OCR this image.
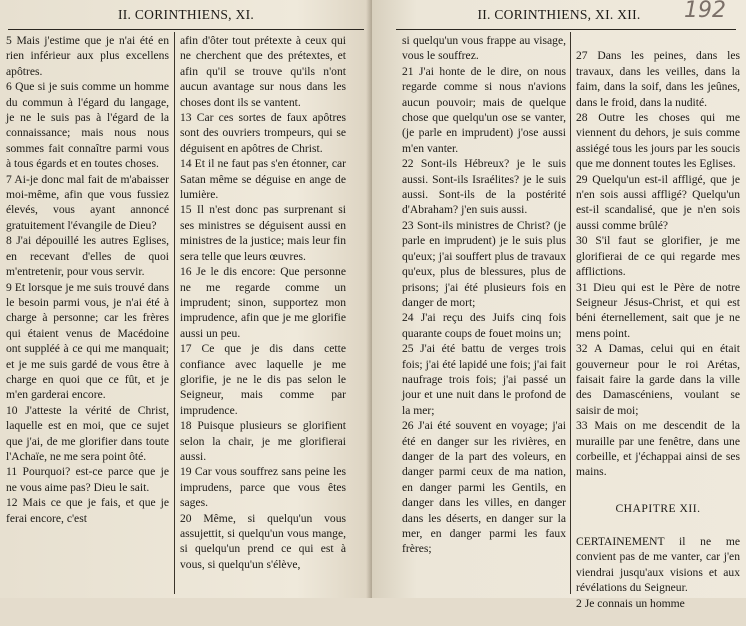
II. CORINTHIENS, XI.
5 Mais j'estime que je n'ai été en rien inférieur aux plus excellens apôtres.
6 Que si je suis comme un homme du commun à l'égard du langage, je ne le suis pas à l'égard de la connaissance; mais nous nous sommes fait connaître parmi vous à tous égards et en toutes choses.
7 Ai-je donc mal fait de m'abaisser moi-même, afin que vous fussiez élevés, vous ayant annoncé gratuitement l'évangile de Dieu?
8 J'ai dépouillé les autres Eglises, en recevant d'elles de quoi m'entretenir, pour vous servir.
9 Et lorsque je me suis trouvé dans le besoin parmi vous, je n'ai été à charge à personne; car les frères qui étaient venus de Macédoine ont suppléé à ce qui me manquait; et je me suis gardé de vous être à charge en quoi que ce fût, et je m'en garderai encore.
10 J'atteste la vérité de Christ, laquelle est en moi, que ce sujet que j'ai, de me glorifier dans toute l'Achaïe, ne me sera point ôté.
11 Pourquoi? est-ce parce que je ne vous aime pas? Dieu le sait.
12 Mais ce que je fais, et que je ferai encore, c'est
afin d'ôter tout prétexte à ceux qui ne cherchent que des prétextes, et afin qu'il se trouve qu'ils n'ont aucun avantage sur nous dans les choses dont ils se vantent.
13 Car ces sortes de faux apôtres sont des ouvriers trompeurs, qui se déguisent en apôtres de Christ.
14 Et il ne faut pas s'en étonner, car Satan même se déguise en ange de lumière.
15 Il n'est donc pas surprenant si ses ministres se déguisent aussi en ministres de la justice; mais leur fin sera telle que leurs œuvres.
16 Je le dis encore: Que personne ne me regarde comme un imprudent; sinon, supportez mon imprudence, afin que je me glorifie aussi un peu.
17 Ce que je dis dans cette confiance avec laquelle je me glorifie, je ne le dis pas selon le Seigneur, mais comme par imprudence.
18 Puisque plusieurs se glorifient selon la chair, je me glorifierai aussi.
19 Car vous souffrez sans peine les imprudens, parce que vous êtes sages.
20 Même, si quelqu'un vous assujettit, si quelqu'un vous mange, si quelqu'un prend ce qui est à vous, si quelqu'un s'élève,
II. CORINTHIENS, XI. XII.	192
si quelqu'un vous frappe au visage, vous le souffrez.
21 J'ai honte de le dire, on nous regarde comme si nous n'avions aucun pouvoir; mais de quelque chose que quelqu'un ose se vanter, (je parle en imprudent) j'ose aussi m'en vanter.
22 Sont-ils Hébreux? je le suis aussi. Sont-ils Israélites? je le suis aussi. Sont-ils de la postérité d'Abraham? j'en suis aussi.
23 Sont-ils ministres de Christ? (je parle en imprudent) je le suis plus qu'eux; j'ai souffert plus de travaux qu'eux, plus de blessures, plus de prisons; j'ai été plusieurs fois en danger de mort;
24 J'ai reçu des Juifs cinq fois quarante coups de fouet moins un;
25 J'ai été battu de verges trois fois; j'ai été lapidé une fois; j'ai fait naufrage trois fois; j'ai passé un jour et une nuit dans le profond de la mer;
26 J'ai été souvent en voyage; j'ai été en danger sur les rivières, en danger de la part des voleurs, en danger parmi ceux de ma nation, en danger parmi les Gentils, en danger dans les villes, en danger dans les déserts, en danger sur la mer, en danger parmi les faux frères;

27 Dans les peines, dans les travaux, dans les veilles, dans la faim, dans la soif, dans les jeûnes, dans le froid, dans la nudité.
28 Outre les choses qui me viennent du dehors, je suis comme assiégé tous les jours par les soucis que me donnent toutes les Eglises.
29 Quelqu'un est-il affligé, que je n'en sois aussi affligé? Quelqu'un est-il scandalisé, que je n'en sois aussi comme brûlé?
30 S'il faut se glorifier, je me glorifierai de ce qui regarde mes afflictions.
31 Dieu qui est le Père de notre Seigneur Jésus-Christ, et qui est béni éternellement, sait que je ne mens point.
32 A Damas, celui qui en était gouverneur pour le roi Arétas, faisait faire la garde dans la ville des Damascéniens, voulant se saisir de moi;
33 Mais on me descendit de la muraille par une fenêtre, dans une corbeille, et j'échappai ainsi de ses mains.

CHAPITRE XII.

CERTAINEMENT il ne me convient pas de me vanter, car j'en viendrai jusqu'aux visions et aux révélations du Seigneur.
2 Je connais un homme
